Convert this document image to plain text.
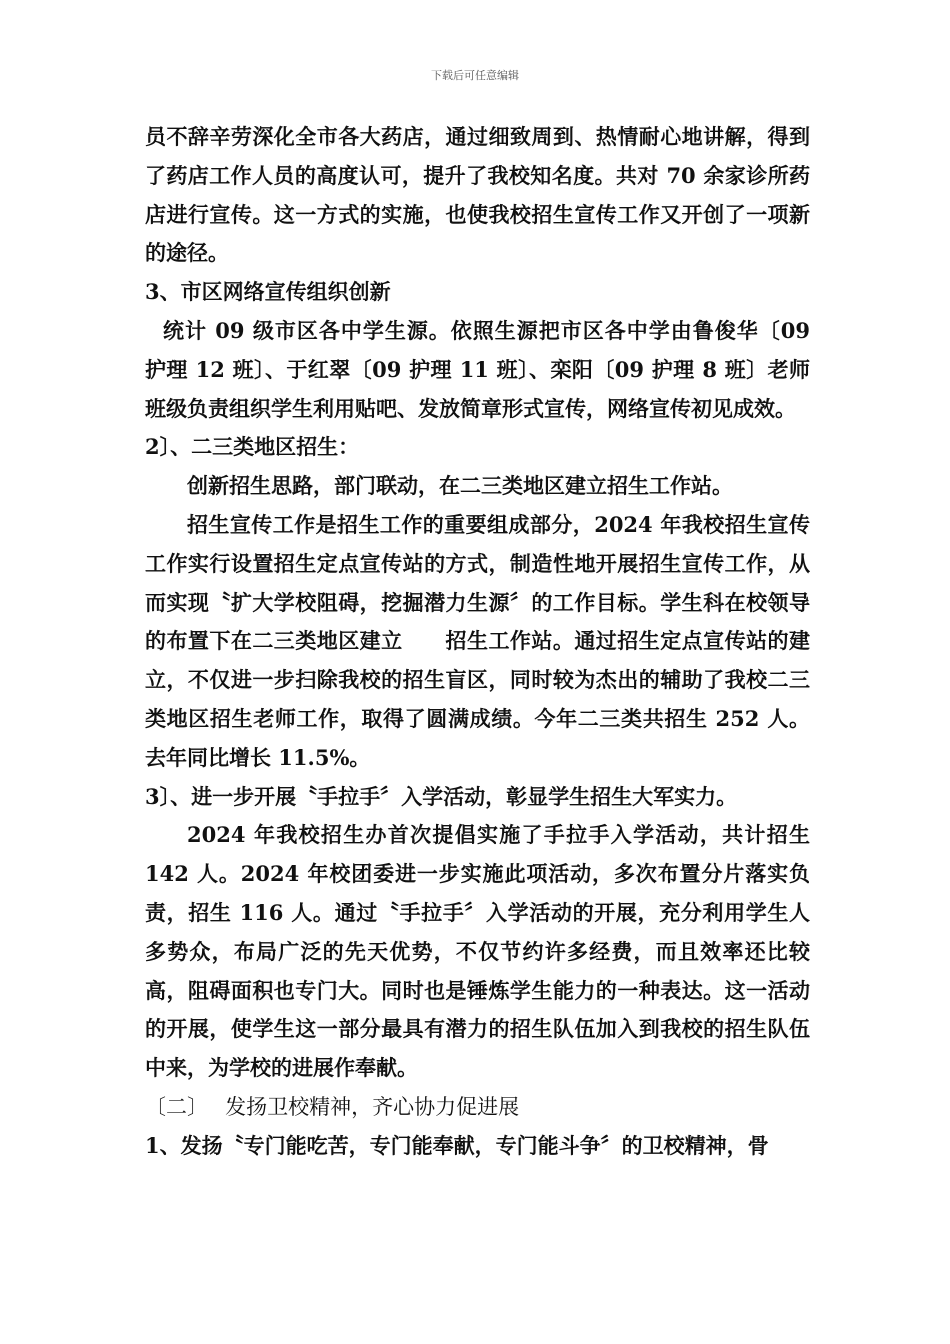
下载后可任意编辑

员不辞辛劳深化全市各大药店，通过细致周到、热情耐心地讲解，得到了药店工作人员的高度认可，提升了我校知名度。共对 70 余家诊所药店进行宣传。这一方式的实施，也使我校招生宣传工作又开创了一项新的途径。

3、市区网络宣传组织创新

统计 09 级市区各中学生源。依照生源把市区各中学由鲁俊华〔09 护理 12 班〕、于红翠〔09 护理 11 班〕、栾阳〔09 护理 8 班〕老师班级负责组织学生利用贴吧、发放简章形式宣传，网络宣传初见成效。

2〕、二三类地区招生：

创新招生思路，部门联动，在二三类地区建立招生工作站。

招生宣传工作是招生工作的重要组成部分，2024 年我校招生宣传工作实行设置招生定点宣传站的方式，制造性地开展招生宣传工作，从而实现〝扩大学校阻碍，挖掘潜力生源〞的工作目标。学生科在校领导的布置下在二三类地区建立　　招生工作站。通过招生定点宣传站的建立，不仅进一步扫除我校的招生盲区，同时较为杰出的辅助了我校二三类地区招生老师工作，取得了圆满成绩。今年二三类共招生 252 人。去年同比增长 11.5%。

3〕、进一步开展〝手拉手〞入学活动，彰显学生招生大军实力。

2024 年我校招生办首次提倡实施了手拉手入学活动，共计招生 142 人。2024 年校团委进一步实施此项活动，多次布置分片落实负责，招生 116 人。通过〝手拉手〞入学活动的开展，充分利用学生人多势众，布局广泛的先天优势，不仅节约许多经费，而且效率还比较高，阻碍面积也专门大。同时也是锤炼学生能力的一种表达。这一活动的开展，使学生这一部分最具有潜力的招生队伍加入到我校的招生队伍中来，为学校的进展作奉献。

〔二〕　 发扬卫校精神，齐心协力促进展

1、发扬〝专门能吃苦，专门能奉献，专门能斗争〞的卫校精神，骨
